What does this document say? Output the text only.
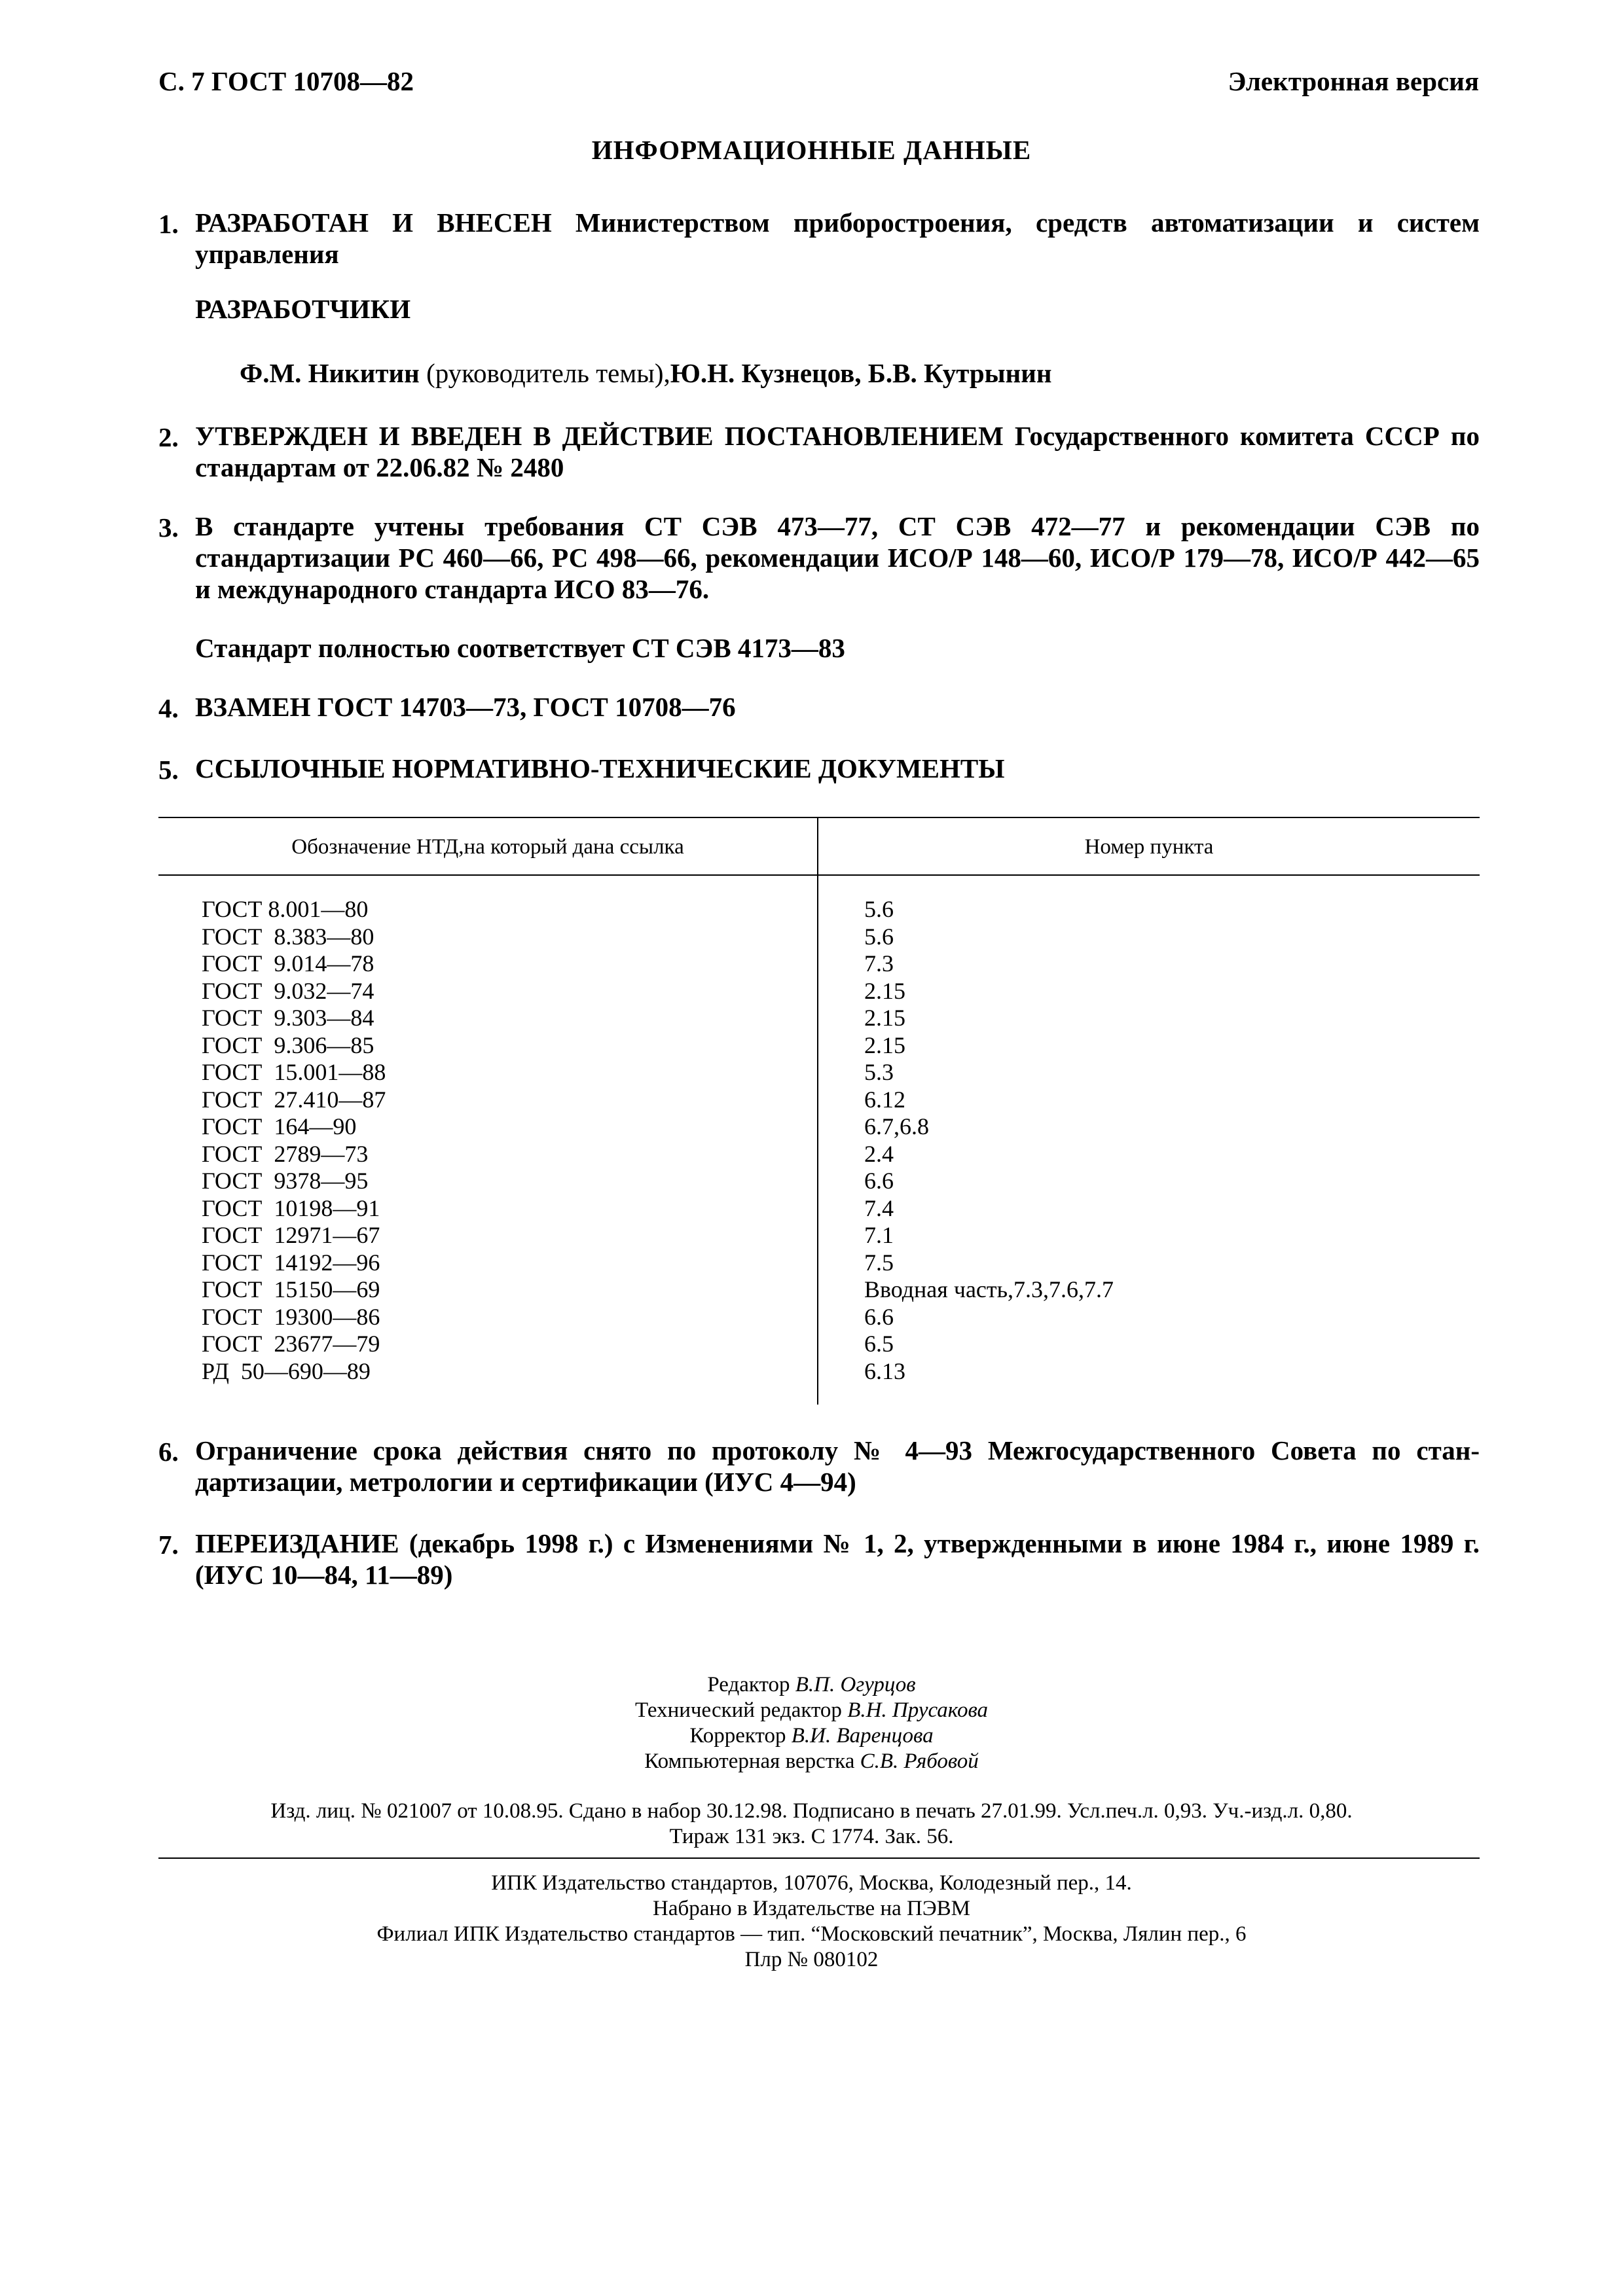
С. 7 ГОСТ 10708—82	Электронная версия
ИНФОРМАЦИОННЫЕ ДАННЫЕ
1. РАЗРАБОТАН И ВНЕСЕН Министерством приборостроения, средств автоматизации и систем управления
РАЗРАБОТЧИКИ
Ф.М. Никитин (руководитель темы),Ю.Н. Кузнецов, Б.В. Кутрынин
2. УТВЕРЖДЕН И ВВЕДЕН В ДЕЙСТВИЕ ПОСТАНОВЛЕНИЕМ Государственного комитета СССР по стандартам от 22.06.82 № 2480
3. В стандарте учтены требования СТ СЭВ 473—77, СТ СЭВ 472—77 и рекомендации СЭВ по стандартизации РС 460—66, РС 498—66, рекомендации ИСО/Р 148—60, ИСО/Р 179—78, ИСО/Р 442—65 и международного стандарта ИСО 83—76.
Стандарт полностью соответствует СТ СЭВ 4173—83
4. ВЗАМЕН ГОСТ 14703—73, ГОСТ 10708—76
5. ССЫЛОЧНЫЕ НОРМАТИВНО-ТЕХНИЧЕСКИЕ ДОКУМЕНТЫ
Обозначение НТД,на который дана ссылка	Номер пункта
ГОСТ 8.001—80
ГОСТ  8.383—80
ГОСТ  9.014—78
ГОСТ  9.032—74
ГОСТ  9.303—84
ГОСТ  9.306—85
ГОСТ  15.001—88
ГОСТ  27.410—87
ГОСТ  164—90
ГОСТ  2789—73
ГОСТ  9378—95
ГОСТ  10198—91
ГОСТ  12971—67
ГОСТ  14192—96
ГОСТ  15150—69
ГОСТ  19300—86
ГОСТ  23677—79
РД  50—690—89
5.6
5.6
7.3
2.15
2.15
2.15
5.3
6.12
6.7,6.8
2.4
6.6
7.4
7.1
7.5
Вводная часть,7.3,7.6,7.7
6.6
6.5
6.13
6. Ограничение срока действия снято по протоколу № 4—93 Межгосударственного Совета по стан-дартизации, метрологии и сертификации (ИУС 4—94)
7. ПЕРЕИЗДАНИЕ (декабрь 1998 г.) с Изменениями № 1, 2, утвержденными в июне 1984 г., июне 1989 г. (ИУС 10—84, 11—89)
Редактор В.П. Огурцов
Технический редактор В.Н. Прусакова
Корректор В.И. Варенцова
Компьютерная верстка С.В. Рябовой
Изд. лиц. № 021007 от 10.08.95. Сдано в набор 30.12.98. Подписано в печать 27.01.99. Усл.печ.л. 0,93. Уч.-изд.л. 0,80.
Тираж 131 экз. С 1774. Зак. 56.
ИПК Издательство стандартов, 107076, Москва, Колодезный пер., 14.
Набрано в Издательстве на ПЭВМ
Филиал ИПК Издательство стандартов — тип. “Московский печатник”, Москва, Лялин пер., 6
Плр № 080102
